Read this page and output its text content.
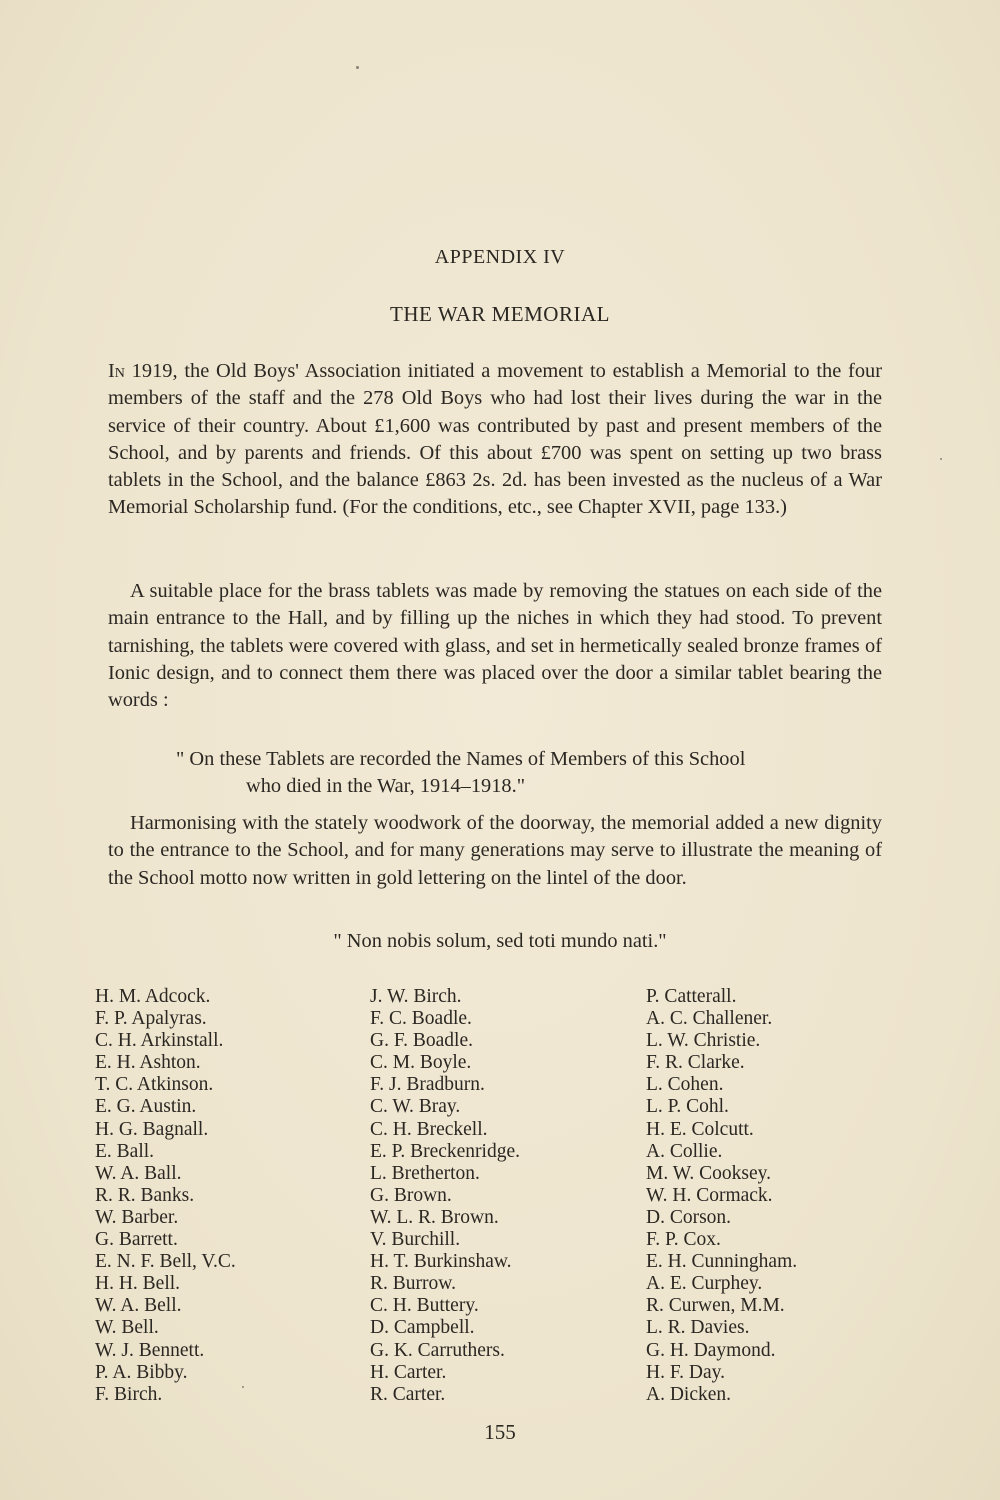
APPENDIX IV
THE WAR MEMORIAL

In 1919, the Old Boys' Association initiated a movement to establish a Memorial to the four members of the staff and the 278 Old Boys who had lost their lives during the war in the service of their country. About £1,600 was contributed by past and present members of the School, and by parents and friends. Of this about £700 was spent on setting up two brass tablets in the School, and the balance £863 2s. 2d. has been invested as the nucleus of a War Memorial Scholarship fund. (For the conditions, etc., see Chapter XVII, page 133.)

A suitable place for the brass tablets was made by removing the statues on each side of the main entrance to the Hall, and by filling up the niches in which they had stood. To prevent tarnishing, the tablets were covered with glass, and set in hermetically sealed bronze frames of Ionic design, and to connect them there was placed over the door a similar tablet bearing the words :

" On these Tablets are recorded the Names of Members of this School
who died in the War, 1914–1918."

Harmonising with the stately woodwork of the doorway, the memorial added a new dignity to the entrance to the School, and for many generations may serve to illustrate the meaning of the School motto now written in gold lettering on the lintel of the door.

" Non nobis solum, sed toti mundo nati."
H. M. Adcock.
F. P. Apalyras.
C. H. Arkinstall.
E. H. Ashton.
T. C. Atkinson.
E. G. Austin.
H. G. Bagnall.
E. Ball.
W. A. Ball.
R. R. Banks.
W. Barber.
G. Barrett.
E. N. F. Bell, V.C.
H. H. Bell.
W. A. Bell.
W. Bell.
W. J. Bennett.
P. A. Bibby.
F. Birch.
J. W. Birch.
F. C. Boadle.
G. F. Boadle.
C. M. Boyle.
F. J. Bradburn.
C. W. Bray.
C. H. Breckell.
E. P. Breckenridge.
L. Bretherton.
G. Brown.
W. L. R. Brown.
V. Burchill.
H. T. Burkinshaw.
R. Burrow.
C. H. Buttery.
D. Campbell.
G. K. Carruthers.
H. Carter.
R. Carter.
P. Catterall.
A. C. Challener.
L. W. Christie.
F. R. Clarke.
L. Cohen.
L. P. Cohl.
H. E. Colcutt.
A. Collie.
M. W. Cooksey.
W. H. Cormack.
D. Corson.
F. P. Cox.
E. H. Cunningham.
A. E. Curphey.
R. Curwen, M.M.
L. R. Davies.
G. H. Daymond.
H. F. Day.
A. Dicken.
155
